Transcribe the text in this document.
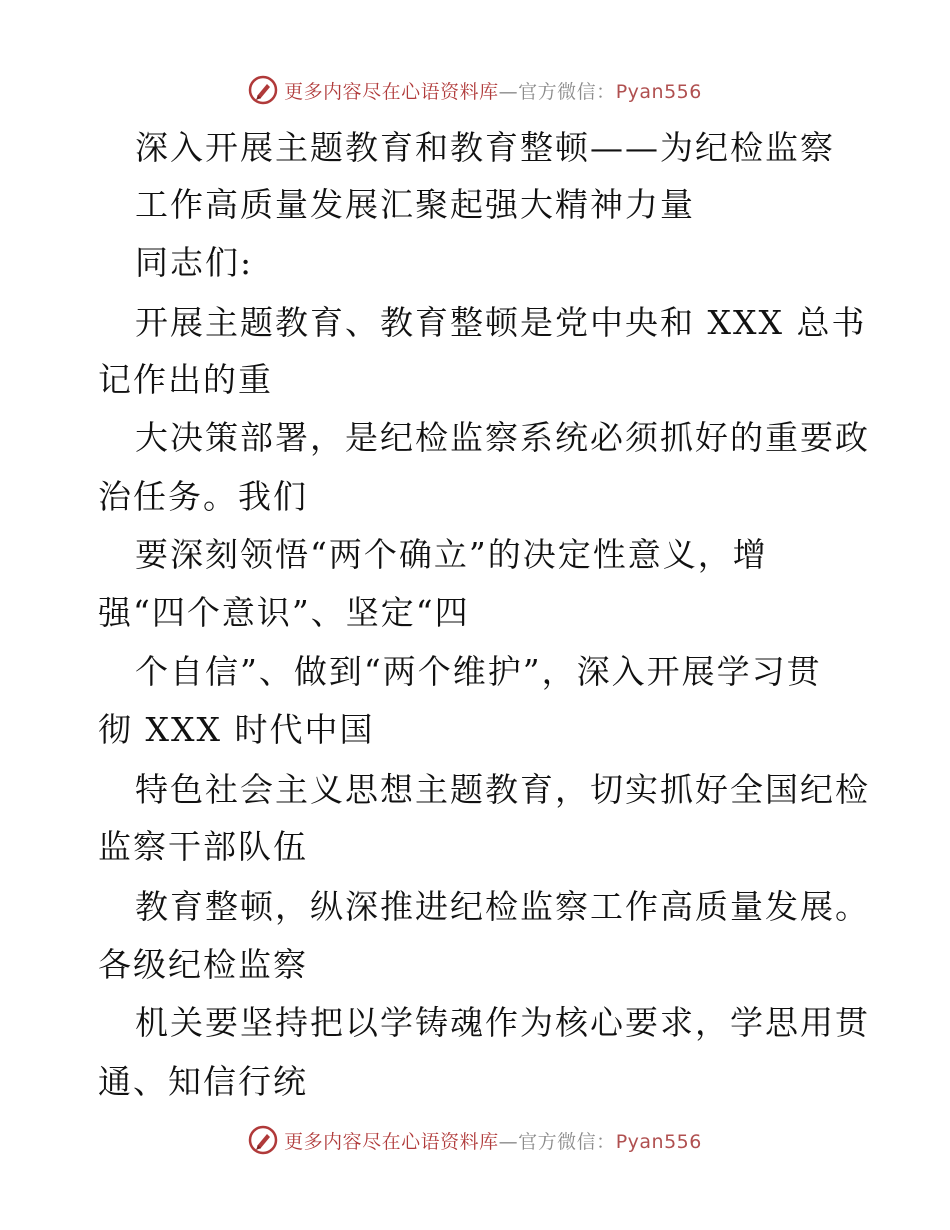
更多内容尽在心语资料库—官方微信：Pyan556
深入开展主题教育和教育整顿——为纪检监察
工作高质量发展汇聚起强大精神力量
同志们:
开展主题教育、教育整顿是党中央和 XXX 总书
记作出的重
大决策部署，是纪检监察系统必须抓好的重要政
治任务。我们
要深刻领悟“两个确立”的决定性意义，增
强“四个意识”、坚定“四
个自信”、做到“两个维护”，深入开展学习贯
彻 XXX 时代中国
特色社会主义思想主题教育，切实抓好全国纪检
监察干部队伍
教育整顿，纵深推进纪检监察工作高质量发展。
各级纪检监察
机关要坚持把以学铸魂作为核心要求，学思用贯
通、知信行统
更多内容尽在心语资料库—官方微信：Pyan556
